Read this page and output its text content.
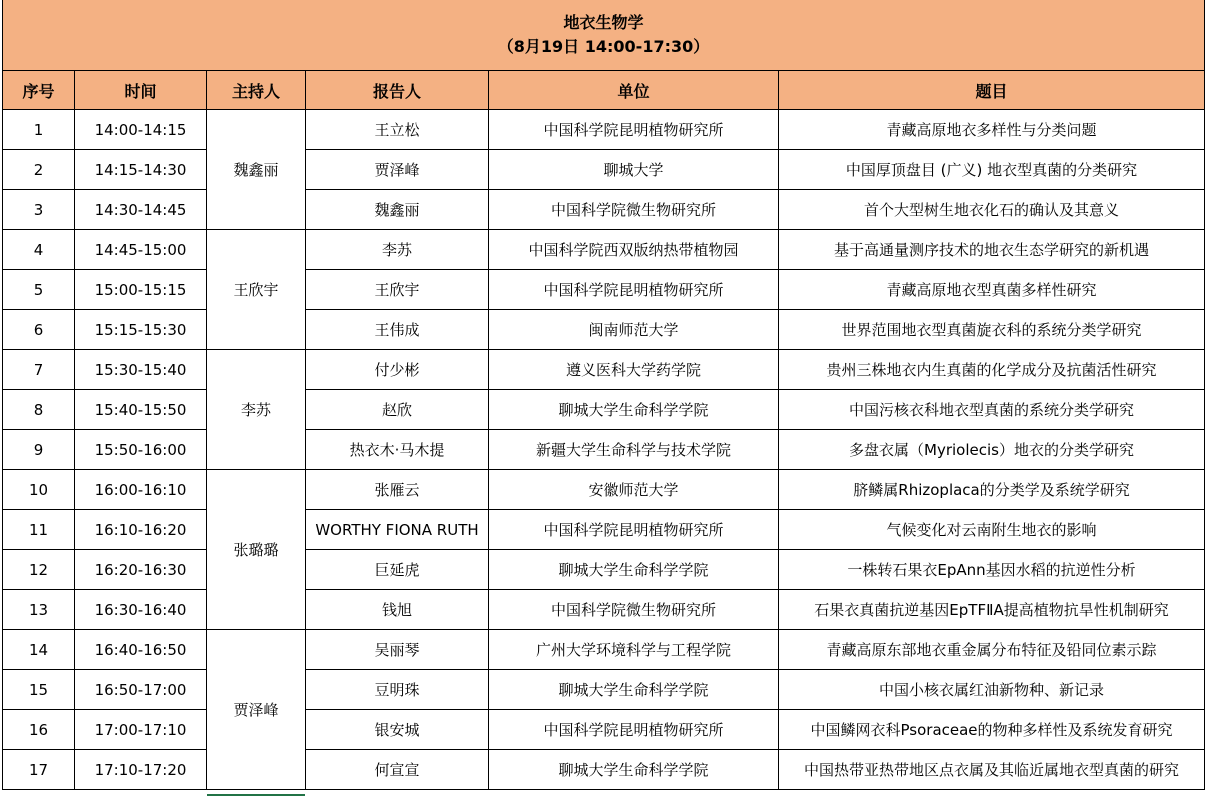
地衣生物学
（8月19日 14:00-17:30）					

序号	时间	主持人	报告人	单位	题目
1	14:00-14:15	魏鑫丽	王立松	中国科学院昆明植物研究所	青藏高原地衣多样性与分类问题
2	14:15-14:30		贾泽峰	聊城大学	中国厚顶盘目 (广义) 地衣型真菌的分类研究
3	14:30-14:45		魏鑫丽	中国科学院微生物研究所	首个大型树生地衣化石的确认及其意义
4	14:45-15:00	王欣宇	李苏	中国科学院西双版纳热带植物园	基于高通量测序技术的地衣生态学研究的新机遇
5	15:00-15:15		王欣宇	中国科学院昆明植物研究所	青藏高原地衣型真菌多样性研究
6	15:15-15:30		王伟成	闽南师范大学	世界范围地衣型真菌旋衣科的系统分类学研究
7	15:30-15:40	李苏	付少彬	遵义医科大学药学院	贵州三株地衣内生真菌的化学成分及抗菌活性研究
8	15:40-15:50		赵欣	聊城大学生命科学学院	中国污核衣科地衣型真菌的系统分类学研究
9	15:50-16:00		热衣木·马木提	新疆大学生命科学与技术学院	多盘衣属（Myriolecis）地衣的分类学研究
10	16:00-16:10	张璐璐	张雁云	安徽师范大学	脐鳞属Rhizoplaca的分类学及系统学研究
11	16:10-16:20		WORTHY FIONA RUTH	中国科学院昆明植物研究所	气候变化对云南附生地衣的影响
12	16:20-16:30		巨延虎	聊城大学生命科学学院	一株转石果衣EpAnn基因水稻的抗逆性分析
13	16:30-16:40		钱旭	中国科学院微生物研究所	石果衣真菌抗逆基因EpTFⅡA提高植物抗旱性机制研究
14	16:40-16:50	贾泽峰	吴丽琴	广州大学环境科学与工程学院	青藏高原东部地衣重金属分布特征及铅同位素示踪
15	16:50-17:00		豆明珠	聊城大学生命科学学院	中国小核衣属红油新物种、新记录
16	17:00-17:10		银安城	中国科学院昆明植物研究所	中国鳞网衣科Psoraceae的物种多样性及系统发育研究
17	17:10-17:20		何宣宣	聊城大学生命科学学院	中国热带亚热带地区点衣属及其临近属地衣型真菌的研究
